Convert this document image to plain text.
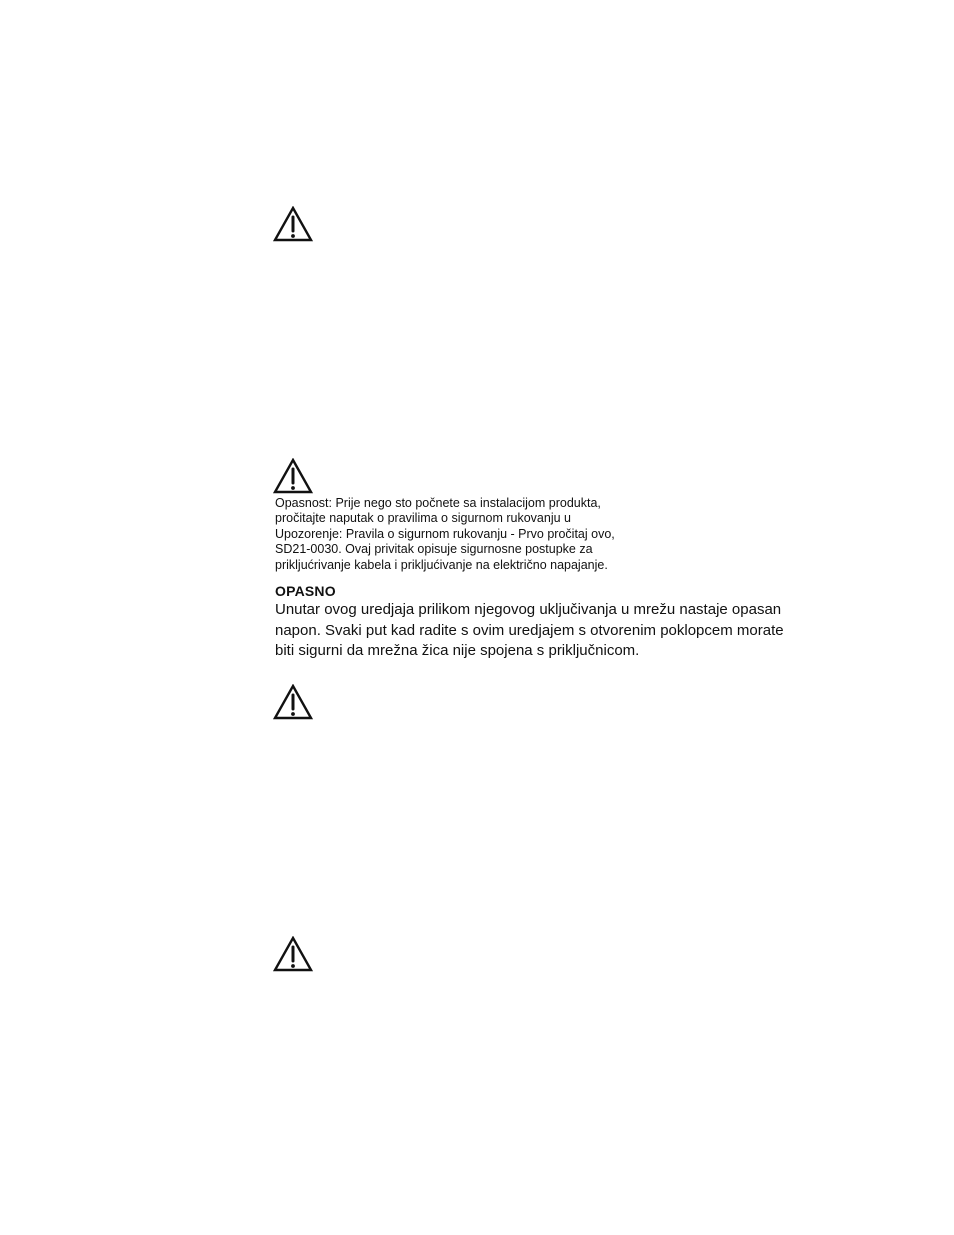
Opasnost: Prije nego sto počnete sa instalacijom produkta,
pročitajte naputak o pravilima o sigurnom rukovanju u
Upozorenje: Pravila o sigurnom rukovanju - Prvo pročitaj ovo,
SD21-0030. Ovaj privitak opisuje sigurnosne postupke za
prikljućrivanje kabela i prikljućivanje na električno napajanje.
OPASNO
Unutar ovog uredjaja prilikom njegovog uključivanja u mrežu nastaje opasan
napon. Svaki put kad radite s ovim uredjajem s otvorenim poklopcem morate
biti sigurni da mrežna žica nije spojena s priključnicom.
